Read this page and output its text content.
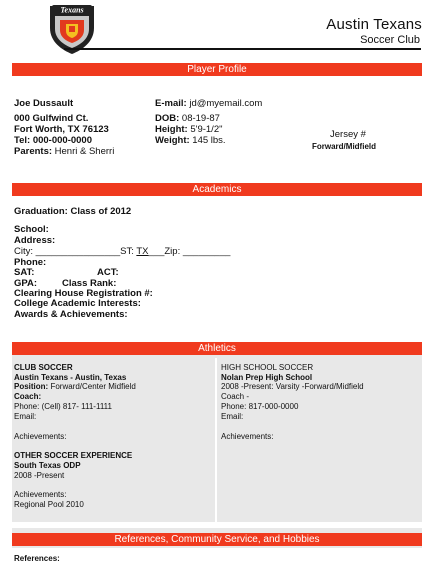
Texans
Austin Texans
Soccer Club
Player Profile
Joe Dussault
000 Gulfwind Ct.
Fort Worth, TX 76123
Tel: 000-000-0000
Parents: Henri & Sherri
E-mail: jd@myemail.com
DOB: 08-19-87
Height: 5'9-1/2"
Weight: 145 lbs.
Jersey #
Forward/Midfield
Academics
Graduation: Class of 2012
School:
Address:
City: ________________ST: TX___Zip: _________
Phone:
SAT:	ACT:
GPA:	Class Rank:
Clearing House Registration #:
College Academic Interests:
Awards & Achievements:
Athletics
CLUB SOCCER
Austin Texans - Austin, Texas
Position: Forward/Center Midfield
Coach:
Phone: (Cell) 817- 111-1111
Email:
Achievements:
OTHER SOCCER EXPERIENCE
South Texas ODP
2008 -Present
Achievements:
Regional Pool 2010
HIGH SCHOOL SOCCER
Nolan Prep High School
2008 -Present: Varsity -Forward/Midfield
Coach -
Phone: 817-000-0000
Email:
Achievements:
References, Community Service, and Hobbies
References:
